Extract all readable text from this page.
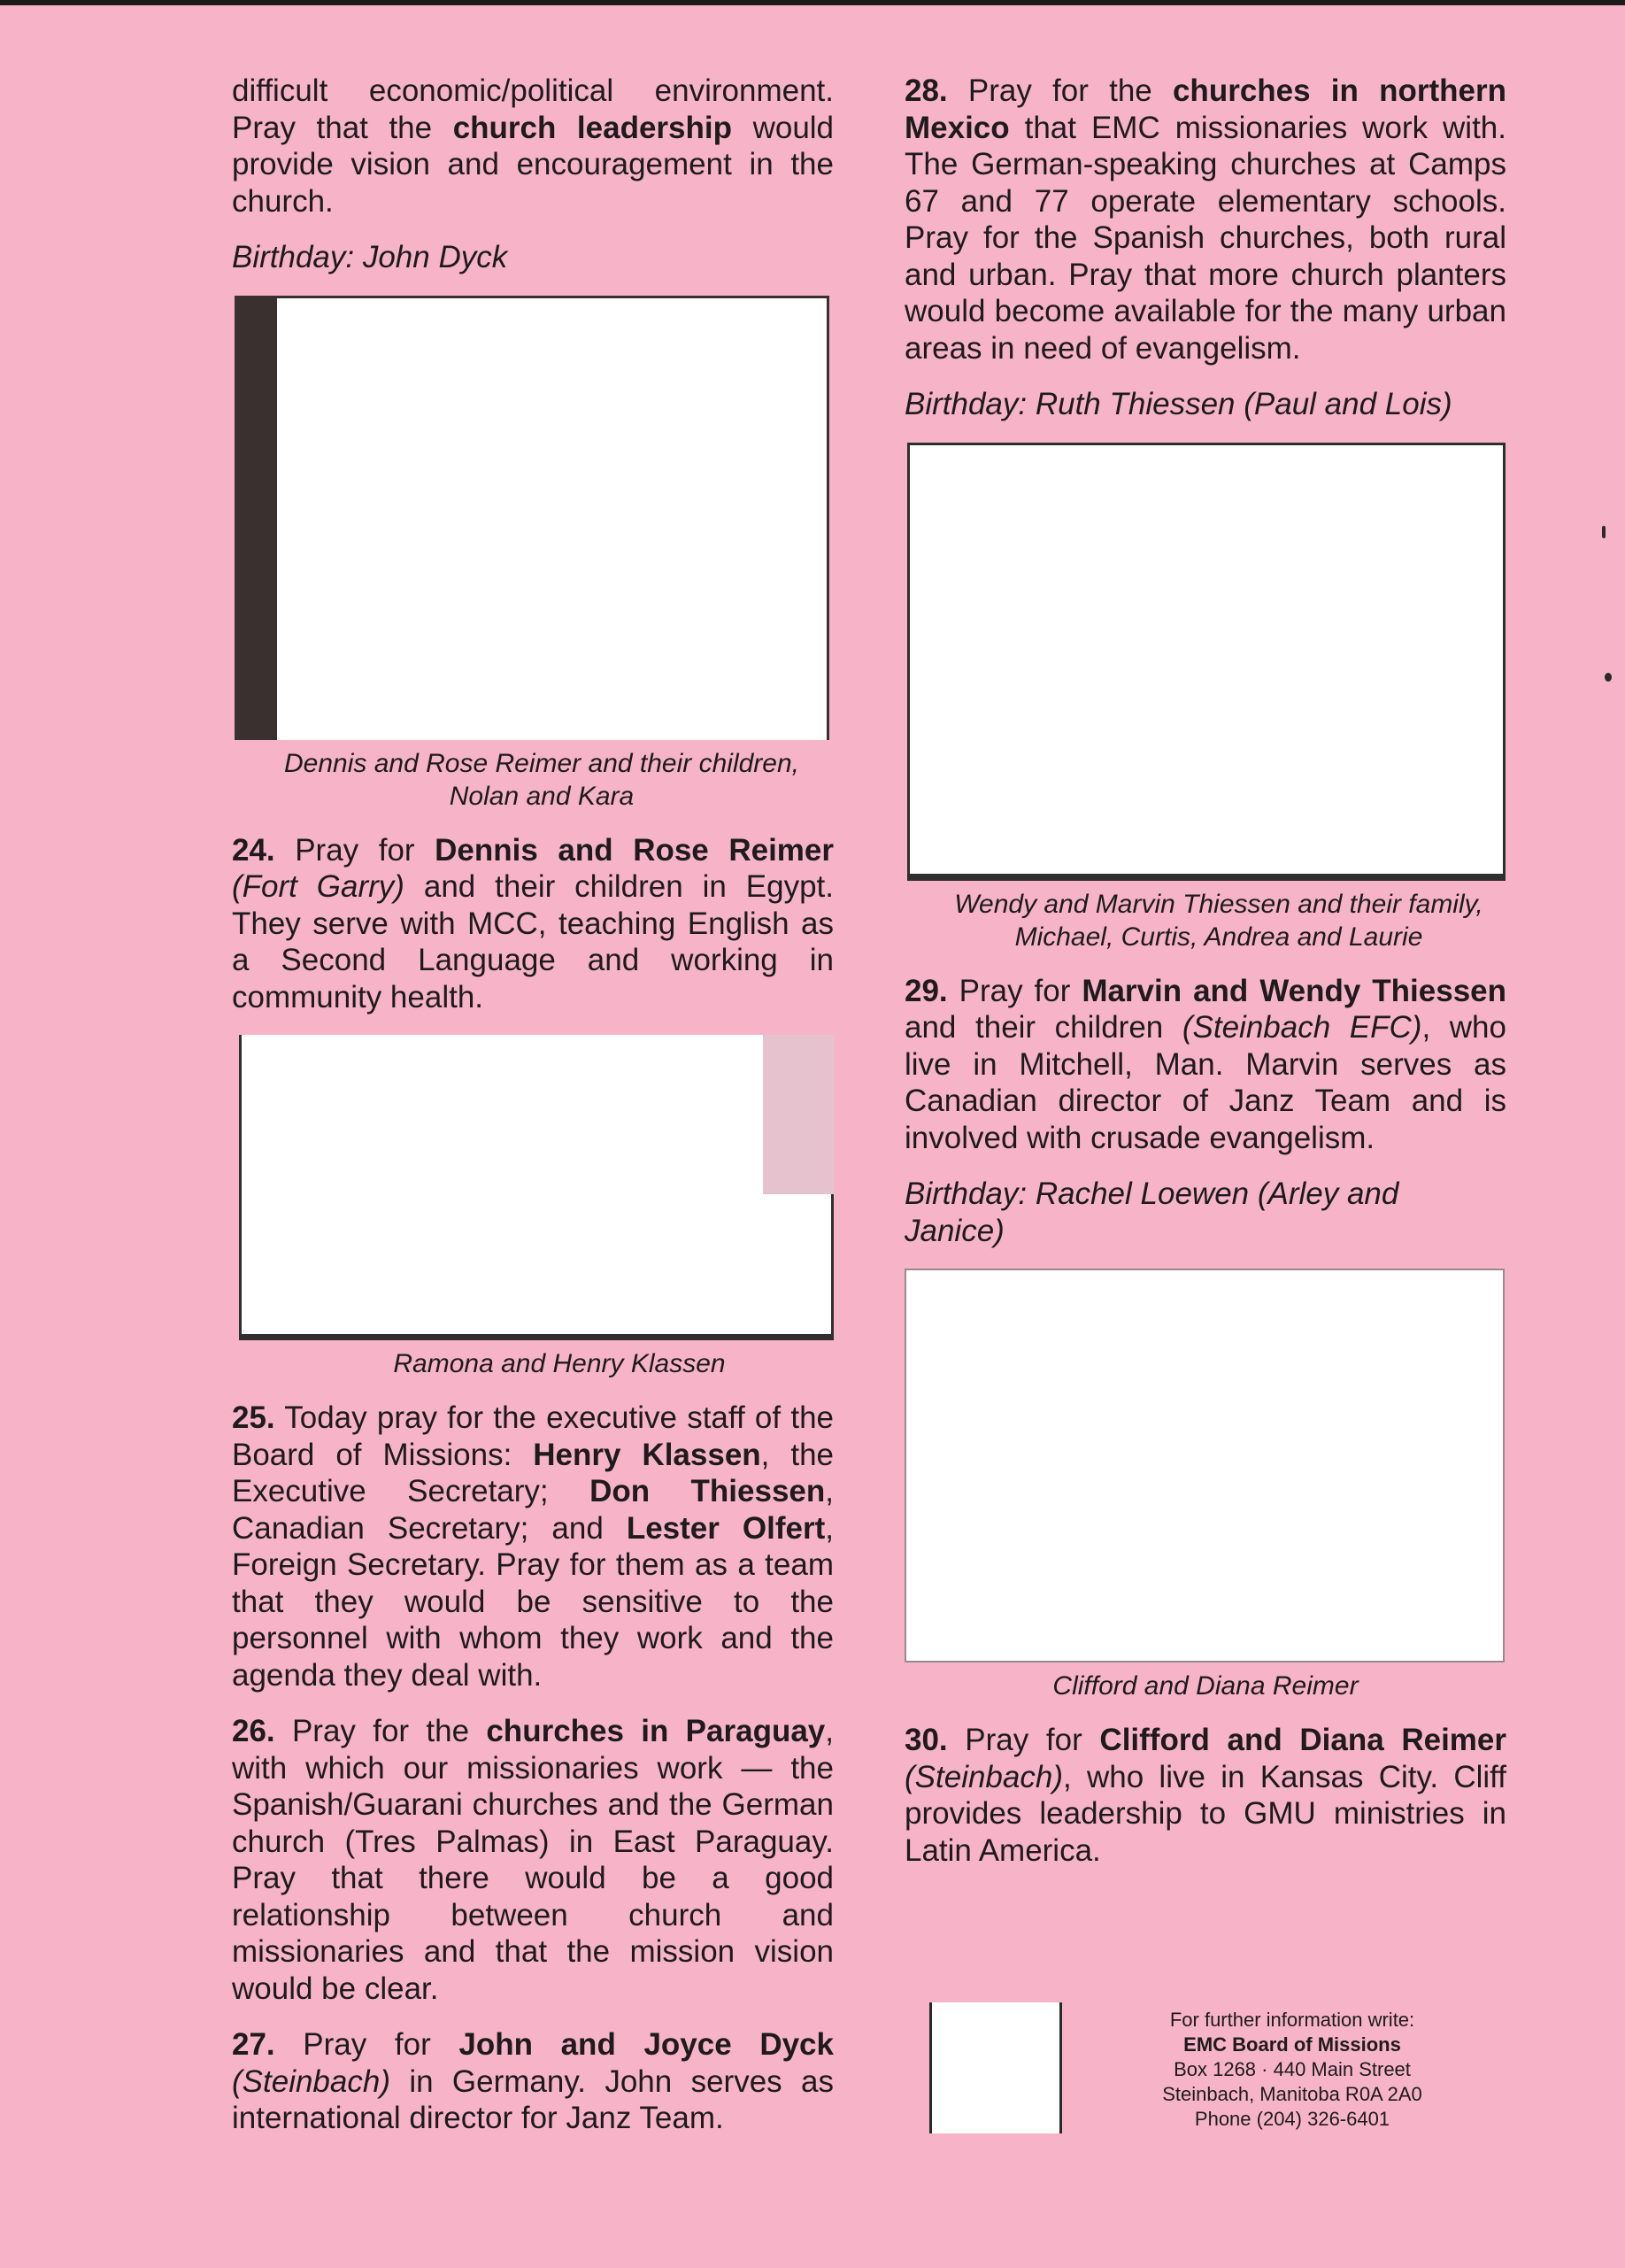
difficult economic/political environment. Pray that the church leadership would provide vision and encouragement in the church.

Birthday: John Dyck
Dennis and Rose Reimer and their children, Nolan and Kara

24. Pray for Dennis and Rose Reimer (Fort Garry) and their children in Egypt. They serve with MCC, teaching English as a Second Language and working in community health.

Ramona and Henry Klassen

25. Today pray for the executive staff of the Board of Missions: Henry Klassen, the Executive Secretary; Don Thiessen, Canadian Secretary; and Lester Olfert, Foreign Secretary. Pray for them as a team that they would be sensitive to the personnel with whom they work and the agenda they deal with.

26. Pray for the churches in Paraguay, with which our missionaries work — the Spanish/Guarani churches and the German church (Tres Palmas) in East Paraguay. Pray that there would be a good relationship between church and missionaries and that the mission vision would be clear.

27. Pray for John and Joyce Dyck (Steinbach) in Germany. John serves as international director for Janz Team.

28. Pray for the churches in northern Mexico that EMC missionaries work with. The German-speaking churches at Camps 67 and 77 operate elementary schools. Pray for the Spanish churches, both rural and urban. Pray that more church planters would become available for the many urban areas in need of evangelism.

Birthday: Ruth Thiessen (Paul and Lois)
Wendy and Marvin Thiessen and their family, Michael, Curtis, Andrea and Laurie

29. Pray for Marvin and Wendy Thiessen and their children (Steinbach EFC), who live in Mitchell, Man. Marvin serves as Canadian director of Janz Team and is involved with crusade evangelism.

Birthday: Rachel Loewen (Arley and Janice)
Clifford and Diana Reimer

30. Pray for Clifford and Diana Reimer (Steinbach), who live in Kansas City. Cliff provides leadership to GMU ministries in Latin America.

For further information write:
EMC Board of Missions
Box 1268 · 440 Main Street
Steinbach, Manitoba R0A 2A0
Phone (204) 326-6401
